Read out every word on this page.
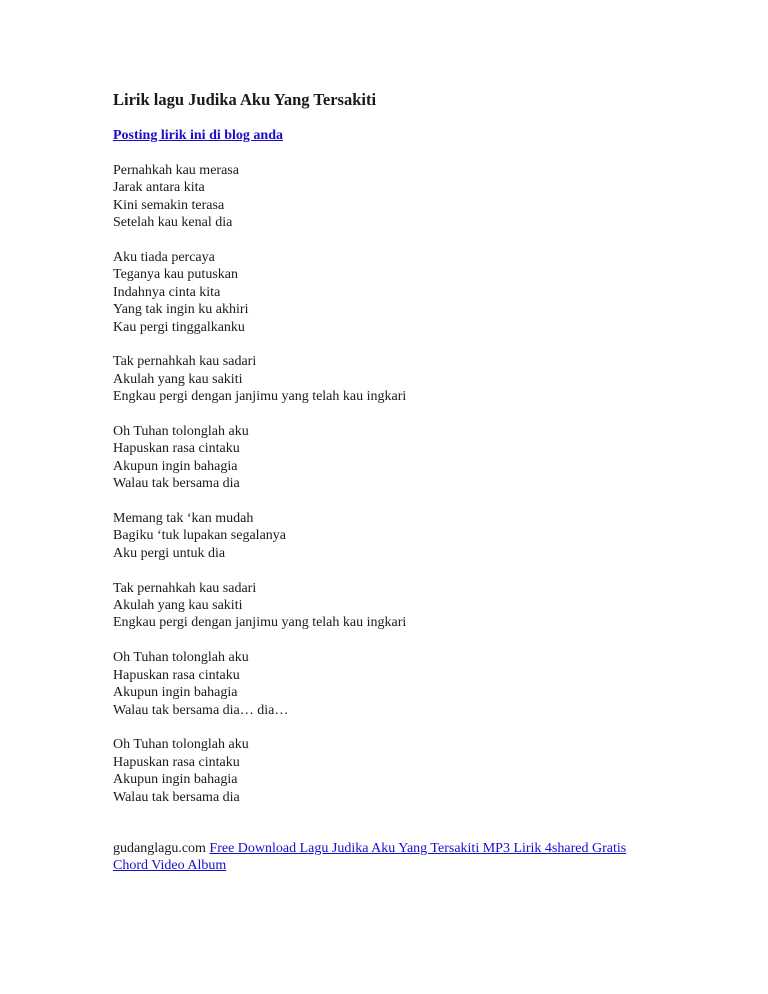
Lirik lagu Judika Aku Yang Tersakiti
Posting lirik ini di blog anda
Pernahkah kau merasa
Jarak antara kita
Kini semakin terasa
Setelah kau kenal dia
Aku tiada percaya
Teganya kau putuskan
Indahnya cinta kita
Yang tak ingin ku akhiri
Kau pergi tinggalkanku
Tak pernahkah kau sadari
Akulah yang kau sakiti
Engkau pergi dengan janjimu yang telah kau ingkari
Oh Tuhan tolonglah aku
Hapuskan rasa cintaku
Akupun ingin bahagia
Walau tak bersama dia
Memang tak ‘kan mudah
Bagiku ‘tuk lupakan segalanya
Aku pergi untuk dia
Tak pernahkah kau sadari
Akulah yang kau sakiti
Engkau pergi dengan janjimu yang telah kau ingkari
Oh Tuhan tolonglah aku
Hapuskan rasa cintaku
Akupun ingin bahagia
Walau tak bersama dia… dia…
Oh Tuhan tolonglah aku
Hapuskan rasa cintaku
Akupun ingin bahagia
Walau tak bersama dia
gudanglagu.com Free Download Lagu Judika Aku Yang Tersakiti MP3 Lirik 4shared Gratis Chord Video Album
